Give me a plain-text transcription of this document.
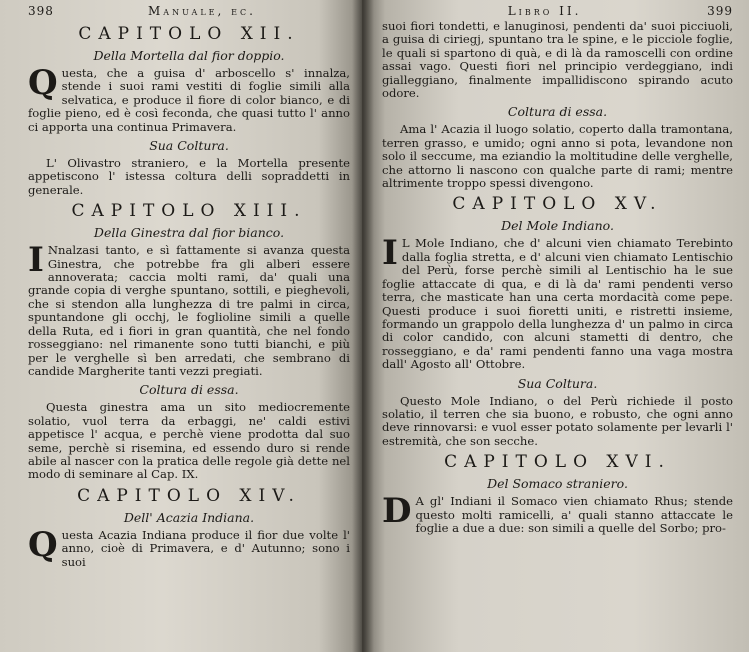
398	Manuale, ec.
CAPITOLO XII.
Della Mortella dal fior doppio.

Questa, che a guisa d' arboscello s' innalza, stende i suoi rami vestiti di foglie simili alla selvatica, e produce il fiore di color bianco, e di foglie pieno, ed è così feconda, che quasi tutto l' anno ci apporta una continua Primavera.

Sua Coltura.

L' Olivastro straniero, e la Mortella presente appetiscono l' istessa coltura delli sopraddetti in generale.

CAPITOLO XIII.
Della Ginestra dal fior bianco.

I Nnalzasi tanto, e sì fattamente si avanza questa Ginestra, che potrebbe fra gli alberi essere annoverata; caccia molti rami, da' quali una grande copia di verghe spuntano, sottili, e pieghevoli, che si stendon alla lunghezza di tre palmi in circa, spuntandone gli occhj, le foglioline simili a quelle della Ruta, ed i fiori in gran quantità, che nel fondo rosseggiano: nel rimanente sono tutti bianchi, e più per le verghelle sì ben arredati, che sembrano di candide Margherite tanti vezzi pregiati.

Coltura di essa.

Questa ginestra ama un sito mediocremente solatio, vuol terra da erbaggi, ne' caldi estivi appetisce l' acqua, e perchè viene prodotta dal suo seme, perchè si risemina, ed essendo duro si rende abile al nascer con la pratica delle regole già dette nel modo di seminare al Cap. IX.

CAPITOLO XIV.
Dell' Acazia Indiana.

Questa Acazia Indiana produce il fior due volte l' anno, cioè di Primavera, e d' Autunno; sono i suoi

Libro II.	399

suoi fiori tondetti, e lanuginosi, pendenti da' suoi picciuoli, a guisa di ciriegj, spuntano tra le spine, e le picciole foglie, le quali si spartono di quà, e di là da ramoscelli con ordine assai vago. Questi fiori nel principio verdeggiano, indi gialleggiano, finalmente impallidiscono spirando acuto odore.

Coltura di essa.

Ama l' Acazia il luogo solatio, coperto dalla tramontana, terren grasso, e umido; ogni anno si pota, levandone non solo il seccume, ma eziandio la moltitudine delle verghelle, che attorno li nascono con qualche parte di rami; mentre altrimente troppo spessi divengono.

CAPITOLO XV.
Del Mole Indiano.

I L Mole Indiano, che d' alcuni vien chiamato Terebinto dalla foglia stretta, e d' alcuni vien chiamato Lentischio del Perù, forse perchè simili al Lentischio ha le sue foglie attaccate di qua, e di là da' rami pendenti verso terra, che masticate han una certa mordacità come pepe. Questi produce i suoi fioretti uniti, e ristretti insieme, formando un grappolo della lunghezza d' un palmo in circa di color candido, con alcuni stametti di dentro, che rosseggiano, e da' rami pendenti fanno una vaga mostra dall' Agosto all' Ottobre.

Sua Coltura.

Questo Mole Indiano, o del Perù richiede il posto solatio, il terren che sia buono, e robusto, che ogni anno deve rinnovarsi: e vuol esser potato solamente per levarli l' estremità, che son secche.

CAPITOLO XVI.
Del Somaco straniero.

D A gl' Indiani il Somaco vien chiamato Rhus; stende questo molti ramicelli, a' quali stanno attaccate le foglie a due a due: son simili a quelle del Sorbo; pro-
